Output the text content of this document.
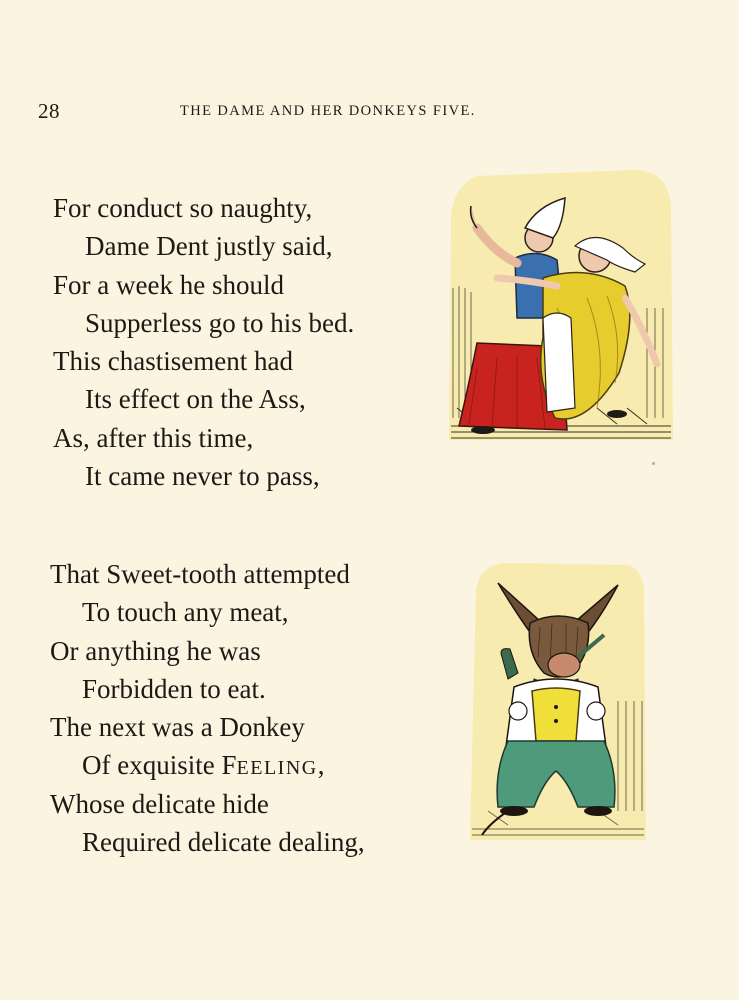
28	THE DAME AND HER DONKEYS FIVE.
For conduct so naughty,
Dame Dent justly said,
For a week he should
Supperless go to his bed.
This chastisement had
Its effect on the Ass,
As, after this time,
It came never to pass,
That Sweet-tooth attempted
To touch any meat,
Or anything he was
Forbidden to eat.
The next was a Donkey
Of exquisite FEELING,
Whose delicate hide
Required delicate dealing,
